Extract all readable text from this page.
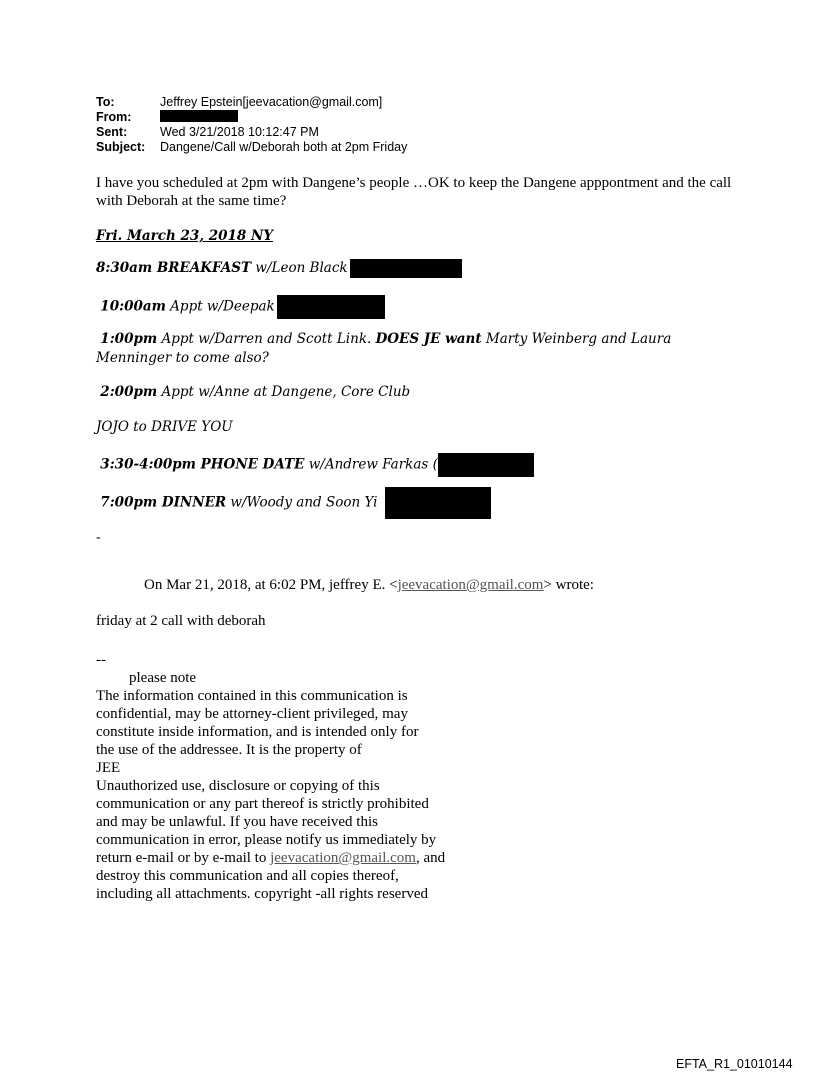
To:	Jeffrey Epstein[jeevacation@gmail.com]
From:
Sent:	Wed 3/21/2018 10:12:47 PM
Subject:	Dangene/Call w/Deborah both at 2pm Friday
I have you scheduled at 2pm with Dangene’s people …OK to keep the Dangene apppontment and the call with Deborah at the same time?
Fri. March 23, 2018 NY
8:30am BREAKFAST w/Leon Black
10:00am Appt w/Deepak
1:00pm Appt w/Darren and Scott Link. DOES JE want Marty Weinberg and Laura
Menninger to come also?
2:00pm Appt w/Anne at Dangene, Core Club
JOJO to DRIVE YOU
3:30-4:00pm PHONE DATE w/Andrew Farkas (
7:00pm DINNER w/Woody and Soon Yi
-
On Mar 21, 2018, at 6:02 PM, jeffrey E. <jeevacation@gmail.com> wrote:
friday at 2 call with deborah
--
please note
The information contained in this communication is
confidential, may be attorney-client privileged, may
constitute inside information, and is intended only for
the use of the addressee. It is the property of
JEE
Unauthorized use, disclosure or copying of this
communication or any part thereof is strictly prohibited
and may be unlawful. If you have received this
communication in error, please notify us immediately by
return e-mail or by e-mail to jeevacation@gmail.com, and
destroy this communication and all copies thereof,
including all attachments. copyright -all rights reserved
EFTA_R1_01010144
